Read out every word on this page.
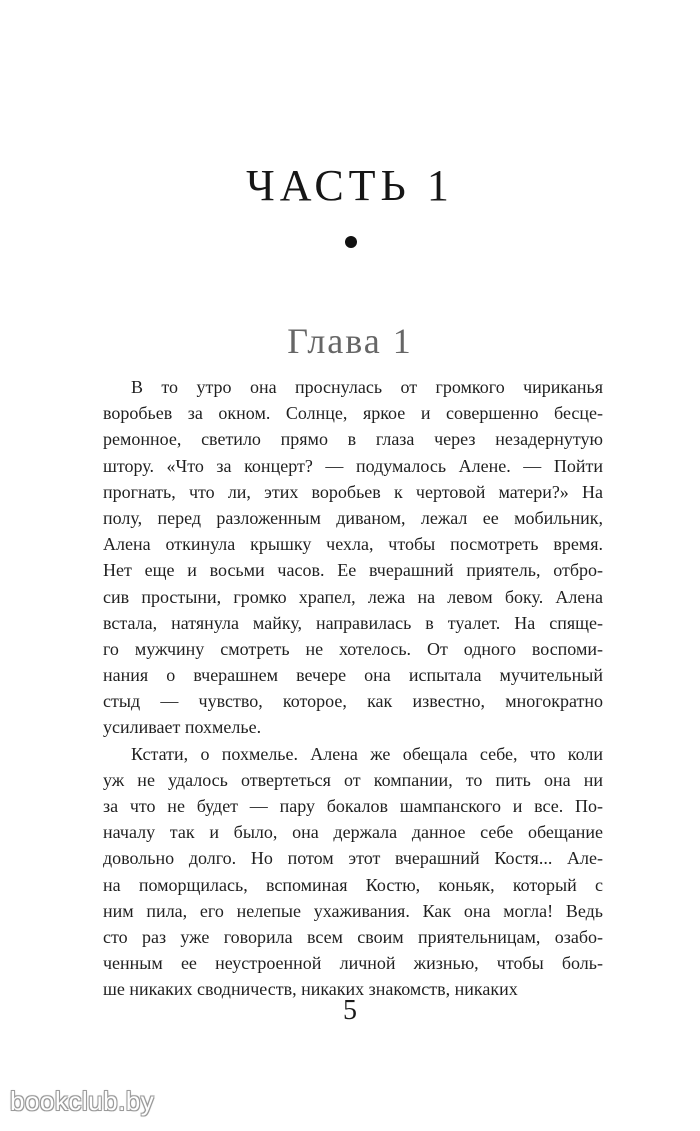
ЧАСТЬ 1
Глава 1
В то утро она проснулась от громкого чириканья
воробьев за окном. Солнце, яркое и совершенно бесце-
ремонное, светило прямо в глаза через незадернутую
штору. «Что за концерт? — подумалось Алене. — Пойти
прогнать, что ли, этих воробьев к чертовой матери?» На
полу, перед разложенным диваном, лежал ее мобильник,
Алена откинула крышку чехла, чтобы посмотреть время.
Нет еще и восьми часов. Ее вчерашний приятель, отбро-
сив простыни, громко храпел, лежа на левом боку. Алена
встала, натянула майку, направилась в туалет. На спяще-
го мужчину смотреть не хотелось. От одного воспоми-
нания о вчерашнем вечере она испытала мучительный
стыд — чувство, которое, как известно, многократно
усиливает похмелье.
Кстати, о похмелье. Алена же обещала себе, что коли
уж не удалось отвертеться от компании, то пить она ни
за что не будет — пару бокалов шампанского и все. По-
началу так и было, она держала данное себе обещание
довольно долго. Но потом этот вчерашний Костя... Але-
на поморщилась, вспоминая Костю, коньяк, который с
ним пила, его нелепые ухаживания. Как она могла! Ведь
сто раз уже говорила всем своим приятельницам, озабо-
ченным ее неустроенной личной жизнью, чтобы боль-
ше никаких сводничеств, никаких знакомств, никаких
5
bookclub.by
